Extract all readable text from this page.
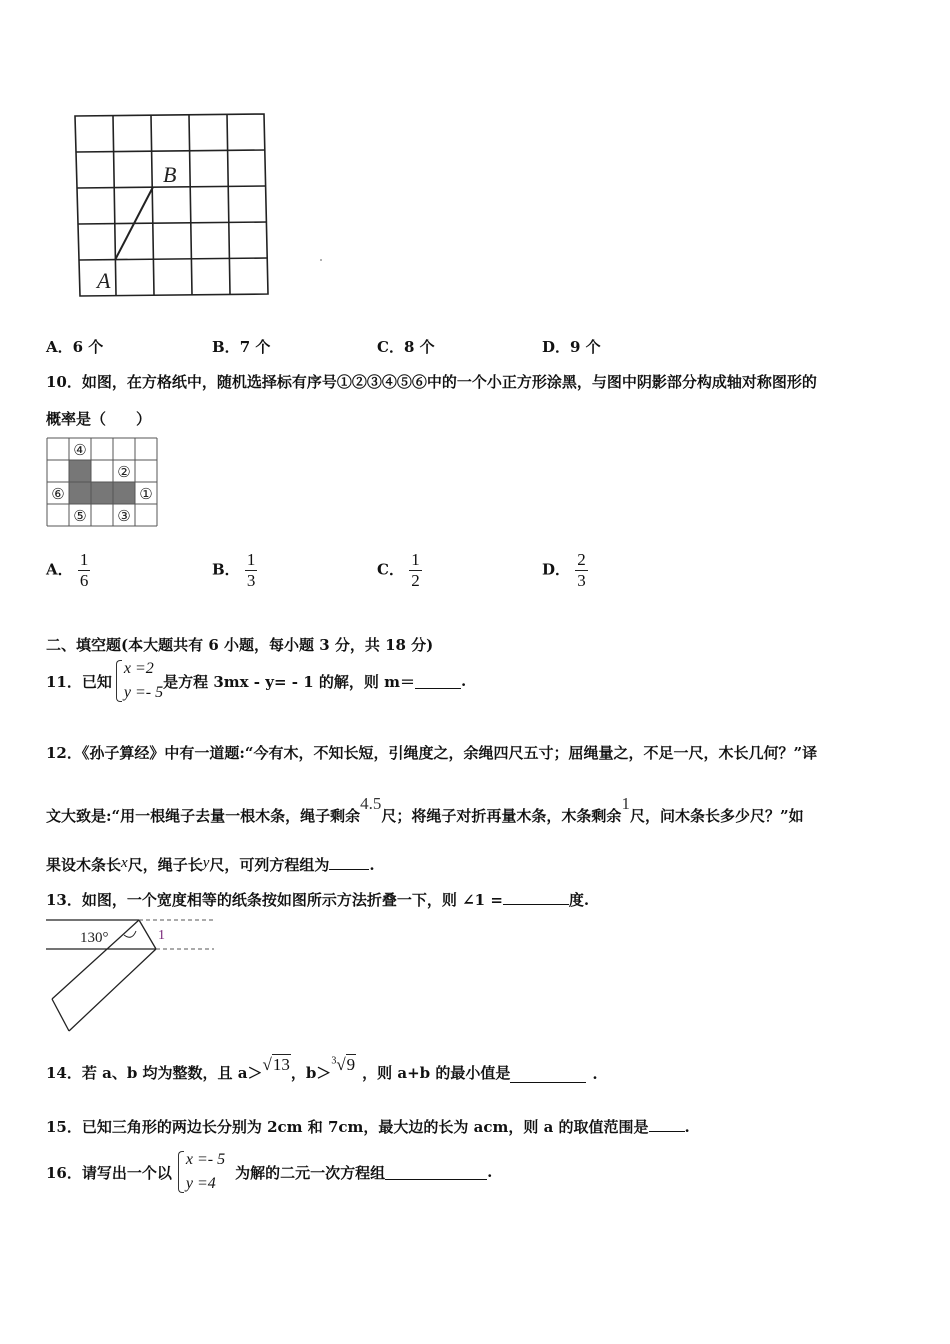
B
A
A．6 个	B．7 个	C．8 个	D．9 个
10．如图，在方格纸中，随机选择标有序号①②③④⑤⑥中的一个小正方形涂黑，与图中阴影部分构成轴对称图形的
概率是（　　）
④
②
⑥	①
⑤ ③
A． $\frac{1}{6}$	B． $\frac{1}{3}$	C． $\frac{1}{2}$	D． $\frac{2}{3}$
二、填空题(本大题共有 6 小题，每小题 3 分，共 18 分)
11．已知
x =2
y =- 5
是方程 3mx - y= - 1 的解，则 m＝	.
12．《孙子算经》中有一道题:“今有木，不知长短，引绳度之，余绳四尺五寸；屈绳量之，不足一尺，木长几何？”译
文大致是:“用一根绳子去量一根木条，绳子剩余4.5尺；将绳子对折再量木条，木条剩余1尺，问木条长多少尺？”如
果设木条长x尺，绳子长y尺，可列方程组为	.
13．如图，一个宽度相等的纸条按如图所示方法折叠一下，则 ∠1 =	度.
130°	1
14．若 a、b 均为整数，且 a＞ √13 ，b＞
$^3$√9 ，则 a+b 的最小值是	.
15．已知三角形的两边长分别为 2cm 和 7cm，最大边的长为 acm，则 a 的取值范围是 .
16．请写出一个以
x =- 5
y =4
为解的二元一次方程组	.
